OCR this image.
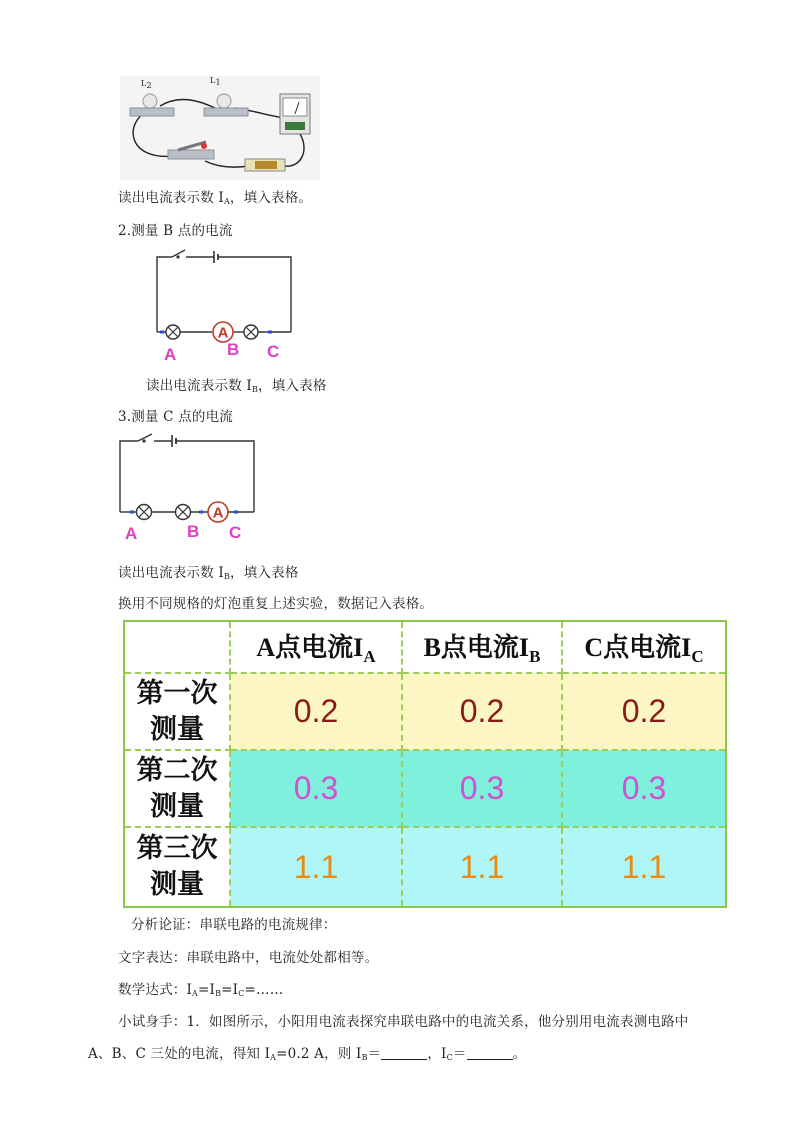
$L_2$
$L_1$
读出电流表示数 $I_A$，填入表格。
2.测量 B 点的电流
A
A	B C
读出电流表示数 $I_B$，填入表格
3.测量 C 点的电流
A
A	B C
读出电流表示数 $I_B$，填入表格
换用不同规格的灯泡重复上述实验，数据记入表格。
	A点电流$I_A$	B点电流$I_B$	C点电流$I_C$

第一次
测量	0.2	0.2	0.2

第二次
测量	0.3	0.3	0.3

第三次
测量	1.1	1.1	1.1
分析论证：串联电路的电流规律：
文字表达：串联电路中，电流处处都相等。
数学达式：$I_A=I_B=I_C=\dots\dots$
小试身手：1．如图所示，小阳用电流表探究串联电路中的电流关系，他分别用电流表测电路中
A、B、C 三处的电流，得知 $I_A=0.2$ A，则 $I_B=$	，$I_C=$	。
